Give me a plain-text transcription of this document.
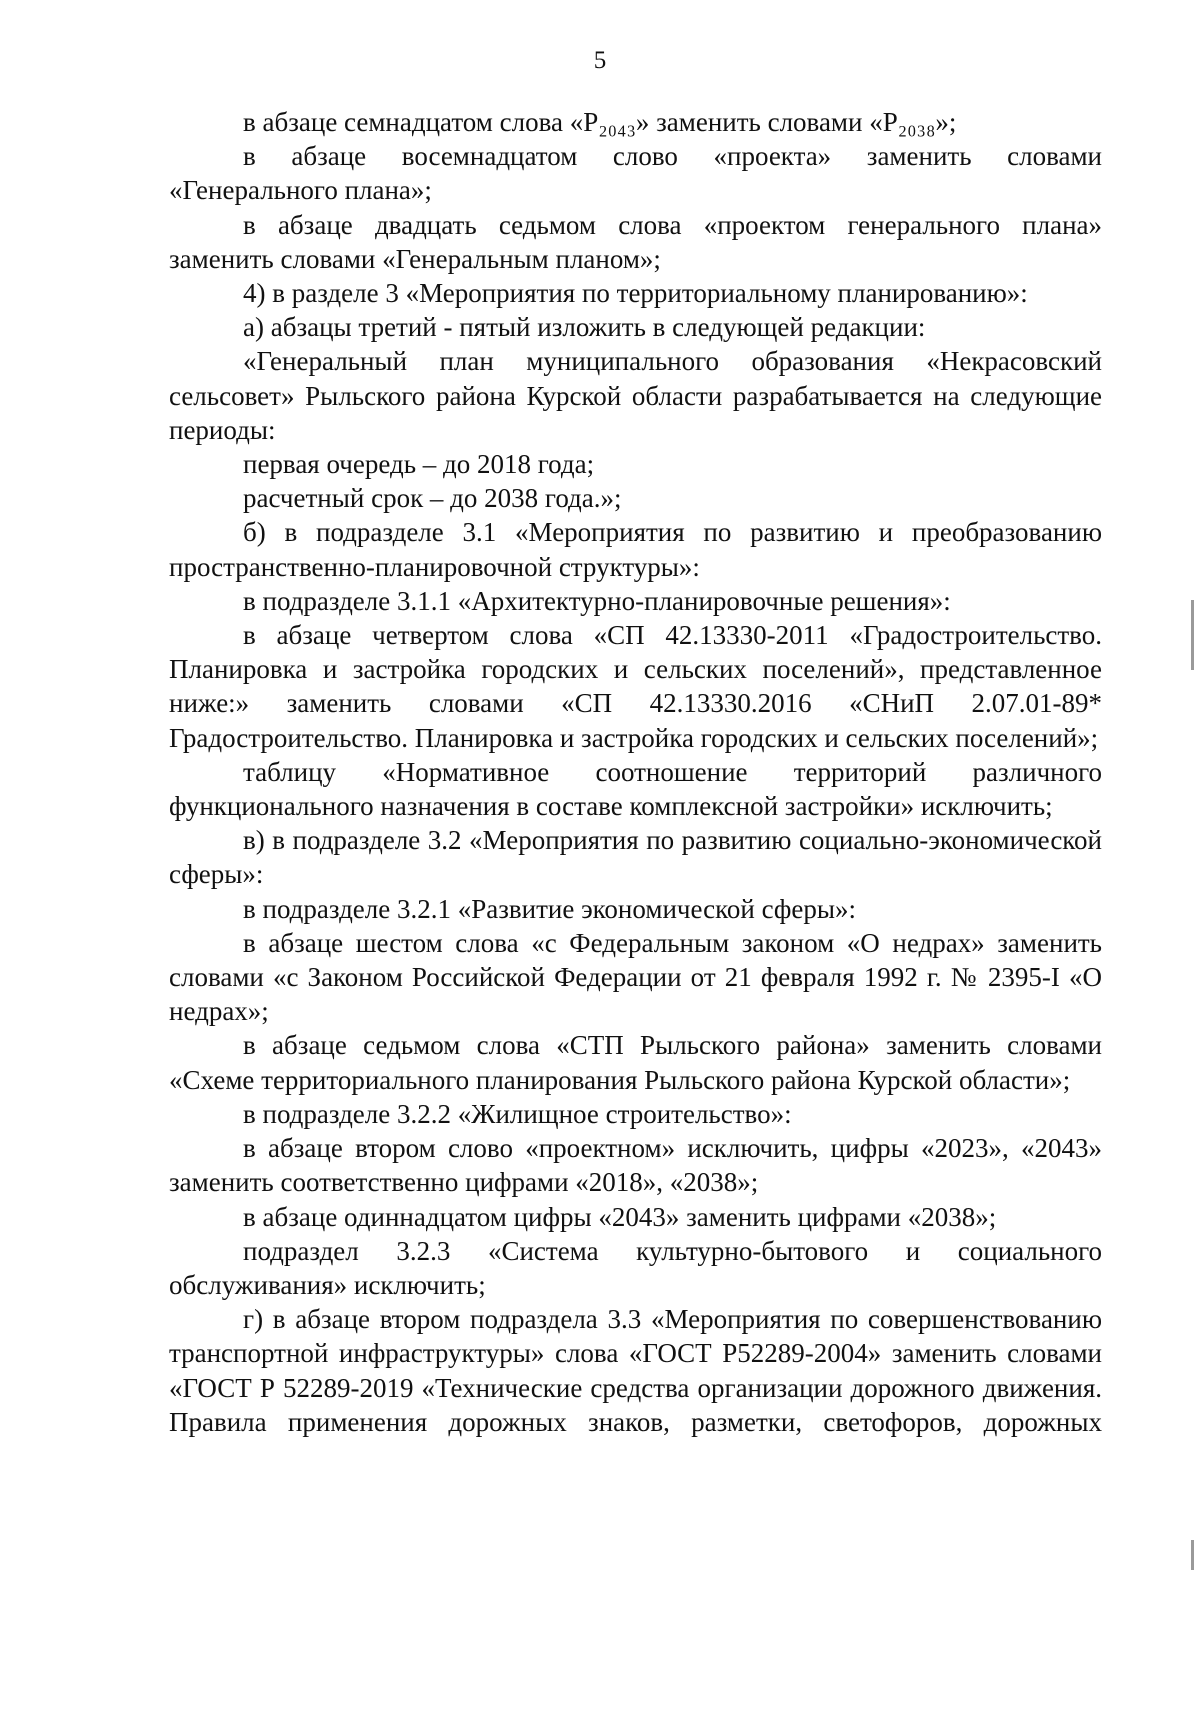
5

в абзаце семнадцатом слова «P₂₀₄₃» заменить словами «P₂₀₃₈»;

в абзаце восемнадцатом слово «проекта» заменить словами «Генерального плана»;

в абзаце двадцать седьмом слова «проектом генерального плана» заменить словами «Генеральным планом»;

4) в разделе 3 «Мероприятия по территориальному планированию»:

а) абзацы третий - пятый изложить в следующей редакции:

«Генеральный план муниципального образования «Некрасовский сельсовет» Рыльского района Курской области разрабатывается на следующие периоды:

первая очередь – до 2018 года;

расчетный срок – до 2038 года.»;

б) в подразделе 3.1 «Мероприятия по развитию и преобразованию пространственно-планировочной структуры»:

в подразделе 3.1.1 «Архитектурно-планировочные решения»:

в абзаце четвертом слова «СП 42.13330-2011 «Градостроительство. Планировка и застройка городских и сельских поселений», представленное ниже:» заменить словами «СП 42.13330.2016 «СНиП 2.07.01-89* Градостроительство. Планировка и застройка городских и сельских поселений»;

таблицу «Нормативное соотношение территорий различного функционального назначения в составе комплексной застройки» исключить;

в) в подразделе 3.2 «Мероприятия по развитию социально-экономической сферы»:

в подразделе 3.2.1 «Развитие экономической сферы»:

в абзаце шестом слова «с Федеральным законом «О недрах» заменить словами «с Законом Российской Федерации от 21 февраля 1992 г. № 2395-I «О недрах»;

в абзаце седьмом слова «СТП Рыльского района» заменить словами «Схеме территориального планирования Рыльского района Курской области»;

в подразделе 3.2.2 «Жилищное строительство»:

в абзаце втором слово «проектном» исключить, цифры «2023», «2043» заменить соответственно цифрами «2018», «2038»;

в абзаце одиннадцатом цифры «2043» заменить цифрами «2038»;

подраздел 3.2.3 «Система культурно-бытового и социального обслуживания» исключить;

г) в абзаце втором подраздела 3.3 «Мероприятия по совершенствованию транспортной инфраструктуры» слова «ГОСТ Р52289-2004» заменить словами «ГОСТ Р 52289-2019 «Технические средства организации дорожного движения. Правила применения дорожных знаков, разметки, светофоров, дорожных
